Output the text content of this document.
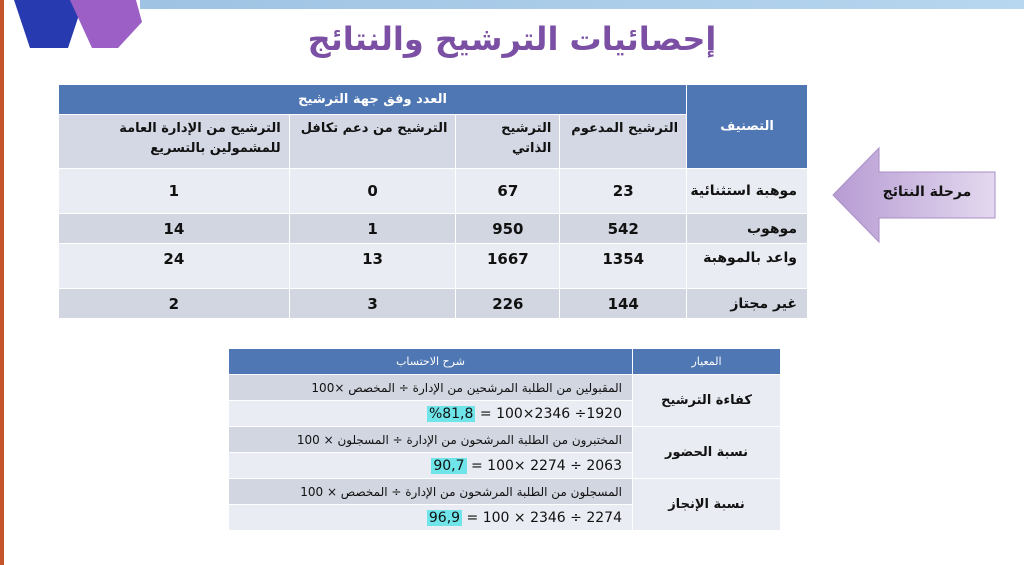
إحصائيات الترشيح والنتائج
التصنيف	العدد وفق جهة الترشيح			
	الترشيح المدعوم	الترشيح الذاتي	الترشيح من دعم تكافل	الترشيح من الإدارة العامة للمشمولين بالتسريع
موهبة استثنائية	23	67	0	1
موهوب	542	950	1	14
واعد بالموهبة	1354	1667	13	24
غير مجتاز	144	226	3	2
مرحلة النتائج
المعيار	شرح الاحتساب
كفاءة الترشيح	المقبولين من الطلبة المرشحين من الإدارة ÷ المخصص ×100
	1920÷ 2346×100 = %81,8
نسبة الحضور	المختبرون من الطلبة المرشحون من الإدارة ÷ المسجلون × 100
	2063 ÷ 2274 ×100 = 90,7
نسبة الإنجاز	المسجلون من الطلبة المرشحون من الإدارة ÷ المخصص × 100
	2274 ÷ 2346 × 100 = 96,9
